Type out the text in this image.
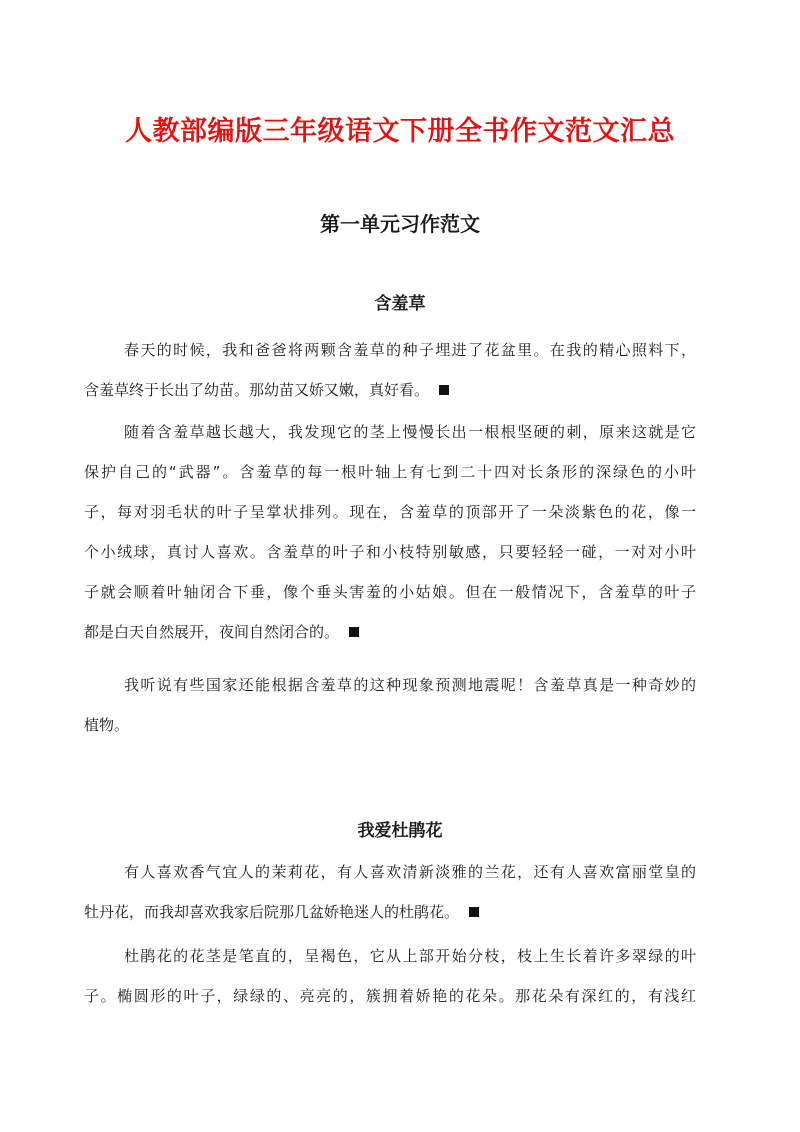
人教部编版三年级语文下册全书作文范文汇总
第一单元习作范文
含羞草
春天的时候，我和爸爸将两颗含羞草的种子埋进了花盆里。在我的精心照料下，
含羞草终于长出了幼苗。那幼苗又娇又嫩，真好看。
随着含羞草越长越大，我发现它的茎上慢慢长出一根根坚硬的刺，原来这就是它
保护自己的“武器”。含羞草的每一根叶轴上有七到二十四对长条形的深绿色的小叶
子，每对羽毛状的叶子呈掌状排列。现在，含羞草的顶部开了一朵淡紫色的花，像一
个小绒球，真讨人喜欢。含羞草的叶子和小枝特别敏感，只要轻轻一碰，一对对小叶
子就会顺着叶轴闭合下垂，像个垂头害羞的小姑娘。但在一般情况下，含羞草的叶子
都是白天自然展开，夜间自然闭合的。
我听说有些国家还能根据含羞草的这种现象预测地震呢！含羞草真是一种奇妙的
植物。
我爱杜鹃花
有人喜欢香气宜人的茉莉花，有人喜欢清新淡雅的兰花，还有人喜欢富丽堂皇的
牡丹花，而我却喜欢我家后院那几盆娇艳迷人的杜鹃花。
杜鹃花的花茎是笔直的，呈褐色，它从上部开始分枝，枝上生长着许多翠绿的叶
子。椭圆形的叶子，绿绿的、亮亮的，簇拥着娇艳的花朵。那花朵有深红的，有浅红
